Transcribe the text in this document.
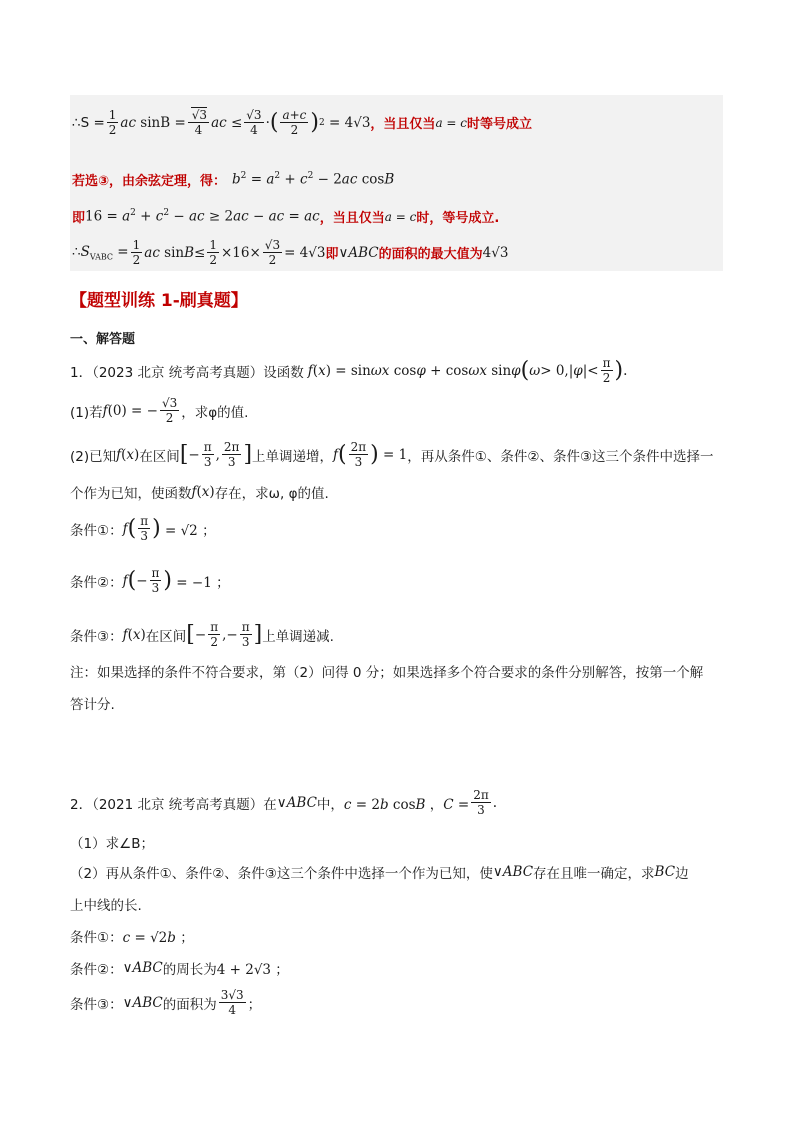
∴S = $\frac{1}{2}$ ac $\sin B = \frac{√3}{4}$ ac ≤ $\frac{√3}{4}$ · ( $\frac{a+c}{2}$ ) 2 = 4√3 ，当且仅当 a = c 时等号成立
若选③，由余弦定理，得： $b^2 = a^2 + c^2 - 2ac$ cosB
即 $16 = a^2 + c^2$ − ac ≥ 2ac − ac = ac ，当且仅当 a = c 时，等号成立.
$\therefore S_{VABC} = \frac{1}{2}$ ac $\sin B \le \frac{1}{2} \times 16\times \frac{√3}{2} = 4√3$ 即 ∨ABC 的面积的最大值为 4√3
【题型训练 1-刷真题】
一、解答题
1．（2023 北京 统考高考真题）设函数 f(x) = sinωx cosφ + cosωx sinφ ( ω > 0,| φ |< $\frac{\pi}{2}$ ) .
(1)若 f(0) = − $\frac{√3}{2}$ ，求φ的值.
(2)已知 f(x) 在区间 [ − $\frac{\pi}{3}$ , $\frac{2\pi}{3}$ ] 上单调递增， f ( $\frac{2\pi}{3}$ ) = 1 ，再从条件①、条件②、条件③这三个条件中选择一
个作为已知，使函数 f(x) 存在，求ω, φ的值.
条件①： f ( $\frac{\pi}{3}$ ) = √2 ；
条件②： f ( − $\frac{\pi}{3}$ ) = −1 ；
条件③： f(x) 在区间 [ − $\frac{\pi}{2}$ ,− $\frac{\pi}{3}$ ] 上单调递减.
注：如果选择的条件不符合要求，第（2）问得 0 分；如果选择多个符合要求的条件分别解答，按第一个解
答计分.
2．（2021 北京 统考高考真题）在 ∨ABC 中， c = 2b cosB ，$C = \frac{2\pi}{3}$ .
（1）求∠B；
（2）再从条件①、条件②、条件③这三个条件中选择一个作为已知，使 ∨ABC 存在且唯一确定，求 BC 边
上中线的长.
条件①： c = √2b ；
条件②： ∨ABC 的周长为 4 + 2√3 ；
条件③： ∨ABC 的面积为 $\frac{3√3}{4}$ ；
